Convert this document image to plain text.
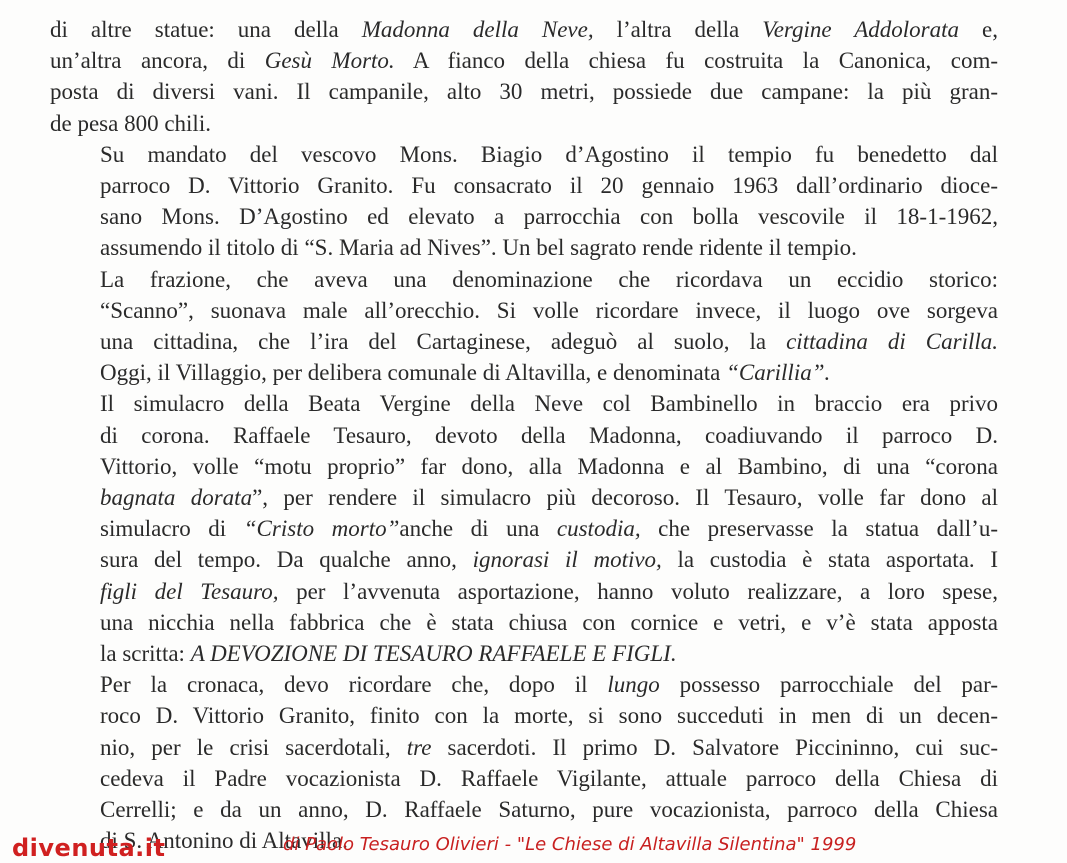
di altre statue: una della Madonna della Neve, l’altra della Vergine Addolorata e,
un’altra ancora, di Gesù Morto. A fianco della chiesa fu costruita la Canonica, com-
posta di diversi vani. Il campanile, alto 30 metri, possiede due campane: la più gran-
de pesa 800 chili.

Su mandato del vescovo Mons. Biagio d’Agostino il tempio fu benedetto dal
parroco D. Vittorio Granito. Fu consacrato il 20 gennaio 1963 dall’ordinario dioce-
sano Mons. D’Agostino ed elevato a parrocchia con bolla vescovile il 18-1-1962,
assumendo il titolo di “S. Maria ad Nives”. Un bel sagrato rende ridente il tempio.

La frazione, che aveva una denominazione che ricordava un eccidio storico:
“Scanno”, suonava male all’orecchio. Si volle ricordare invece, il luogo ove sorgeva
una cittadina, che l’ira del Cartaginese, adeguò al suolo, la cittadina di Carilla.
Oggi, il Villaggio, per delibera comunale di Altavilla, e denominata “Carillia”.

Il simulacro della Beata Vergine della Neve col Bambinello in braccio era privo
di corona. Raffaele Tesauro, devoto della Madonna, coadiuvando il parroco D.
Vittorio, volle “motu proprio” far dono, alla Madonna e al Bambino, di una “corona
bagnata dorata”, per rendere il simulacro più decoroso. Il Tesauro, volle far dono al
simulacro di “Cristo morto”anche di una custodia, che preservasse la statua dall’u-
sura del tempo. Da qualche anno, ignorasi il motivo, la custodia è stata asportata. I
figli del Tesauro, per l’avvenuta asportazione, hanno voluto realizzare, a loro spese,
una nicchia nella fabbrica che è stata chiusa con cornice e vetri, e v’è stata apposta
la scritta: A DEVOZIONE DI TESAURO RAFFAELE E FIGLI.

Per la cronaca, devo ricordare che, dopo il lungo possesso parrocchiale del par-
roco D. Vittorio Granito, finito con la morte, si sono succeduti in men di un decen-
nio, per le crisi sacerdotali, tre sacerdoti. Il primo D. Salvatore Piccininno, cui suc-
cedeva il Padre vocazionista D. Raffaele Vigilante, attuale parroco della Chiesa di
Cerrelli; e da un anno, D. Raffaele Saturno, pure vocazionista, parroco della Chiesa
di S. Antonino di Altavilla.

divenuta.it	di Paolo Tesauro Olivieri - "Le Chiese di Altavilla Silentina" 1999
